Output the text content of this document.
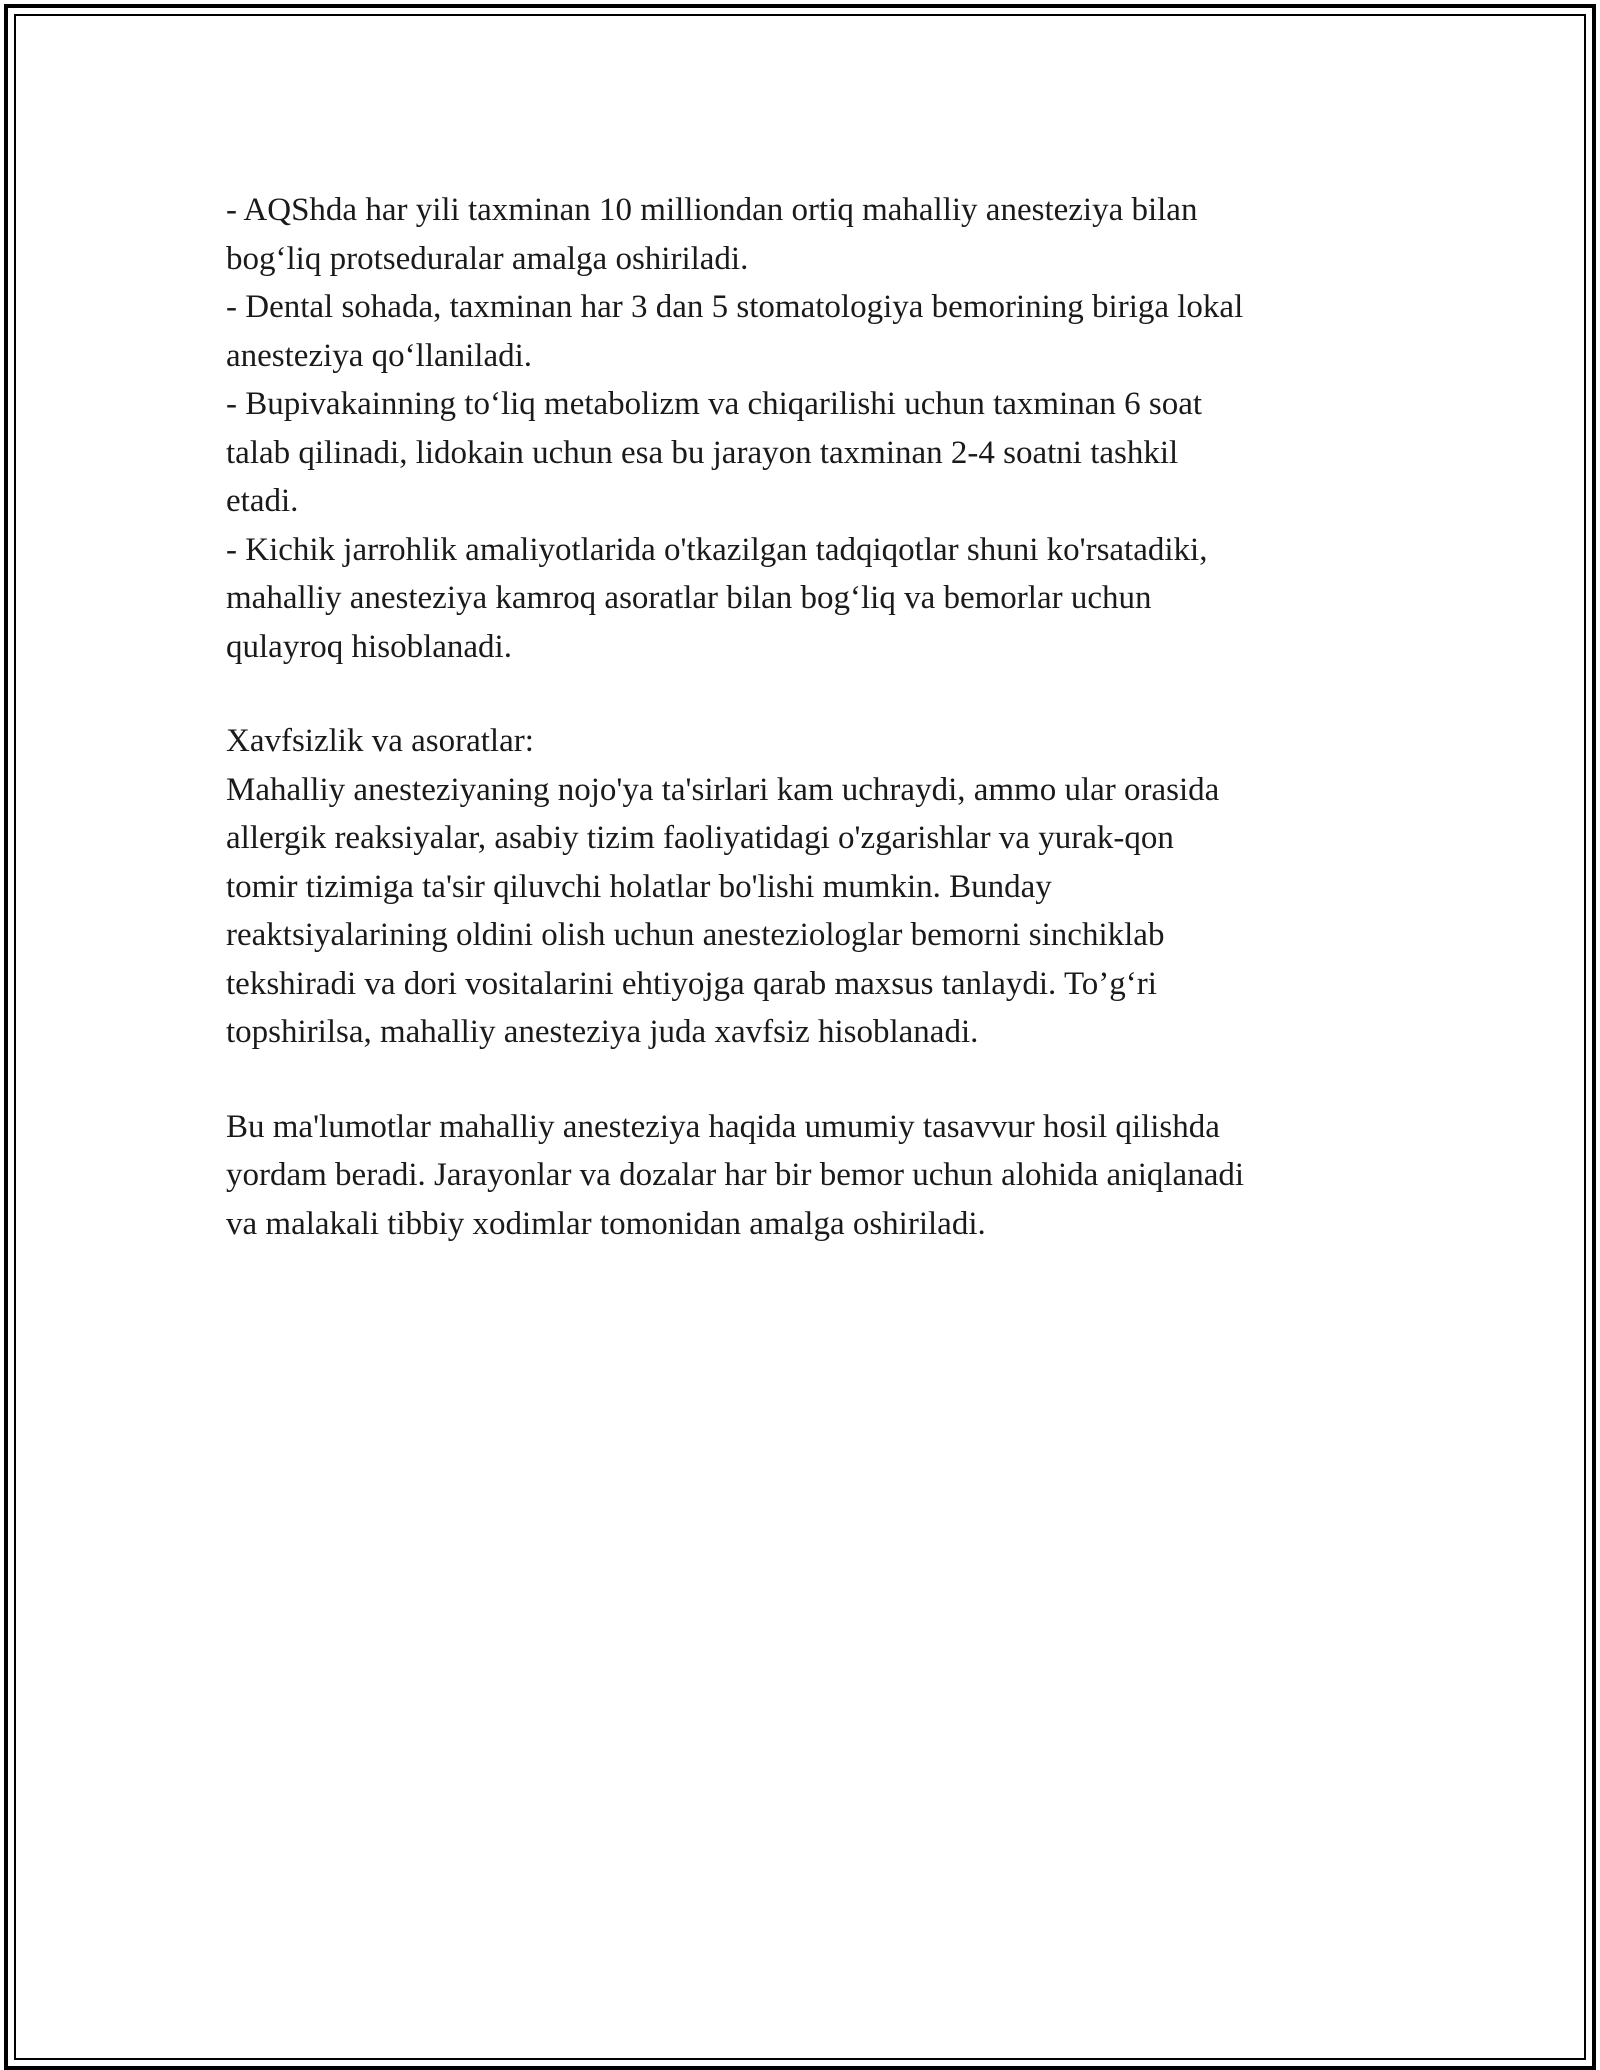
- AQShda har yili taxminan 10 milliondan ortiq mahalliy anesteziya bilan
bog‘liq protseduralar amalga oshiriladi.
- Dental sohada, taxminan har 3 dan 5 stomatologiya bemorining biriga lokal
anesteziya qo‘llaniladi.
- Bupivakainning to‘liq metabolizm va chiqarilishi uchun taxminan 6 soat
talab qilinadi, lidokain uchun esa bu jarayon taxminan 2-4 soatni tashkil
etadi.
- Kichik jarrohlik amaliyotlarida o'tkazilgan tadqiqotlar shuni ko'rsatadiki,
mahalliy anesteziya kamroq asoratlar bilan bog‘liq va bemorlar uchun
qulayroq hisoblanadi.
Xavfsizlik va asoratlar:
Mahalliy anesteziyaning nojo'ya ta'sirlari kam uchraydi, ammo ular orasida
allergik reaksiyalar, asabiy tizim faoliyatidagi o'zgarishlar va yurak-qon
tomir tizimiga ta'sir qiluvchi holatlar bo'lishi mumkin. Bunday
reaktsiyalarining oldini olish uchun anesteziologlar bemorni sinchiklab
tekshiradi va dori vositalarini ehtiyojga qarab maxsus tanlaydi. To’g‘ri
topshirilsa, mahalliy anesteziya juda xavfsiz hisoblanadi.
Bu ma'lumotlar mahalliy anesteziya haqida umumiy tasavvur hosil qilishda
yordam beradi. Jarayonlar va dozalar har bir bemor uchun alohida aniqlanadi
va malakali tibbiy xodimlar tomonidan amalga oshiriladi.
